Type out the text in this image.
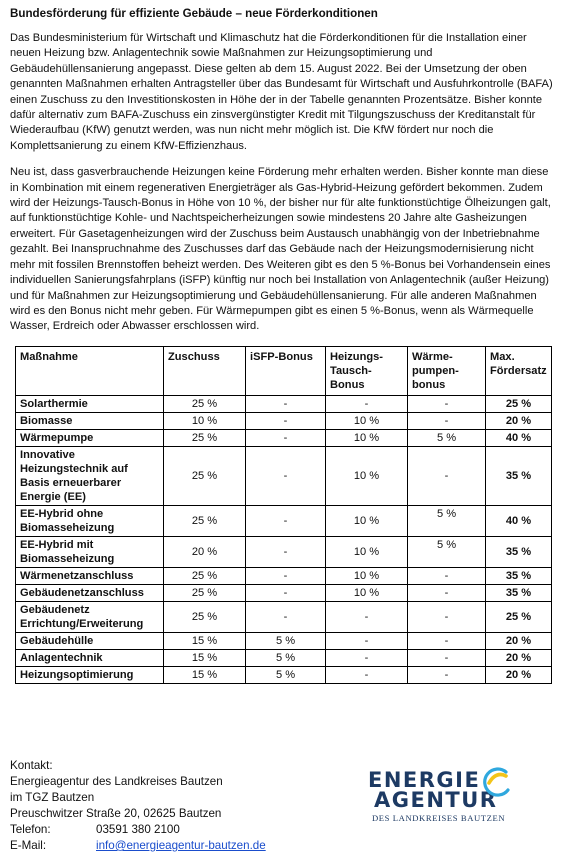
Bundesförderung für effiziente Gebäude – neue Förderkonditionen

Das Bundesministerium für Wirtschaft und Klimaschutz hat die Förderkonditionen für die Installation einer neuen Heizung bzw. Anlagentechnik sowie Maßnahmen zur Heizungsoptimierung und Gebäudehüllensanierung angepasst. Diese gelten ab dem 15. August 2022. Bei der Umsetzung der oben genannten Maßnahmen erhalten Antragsteller über das Bundesamt für Wirtschaft und Ausfuhrkontrolle (BAFA) einen Zuschuss zu den Investitionskosten in Höhe der in der Tabelle genannten Prozentsätze. Bisher konnte dafür alternativ zum BAFA-Zuschuss ein zinsvergünstigter Kredit mit Tilgungszuschuss der Kreditanstalt für Wiederaufbau (KfW) genutzt werden, was nun nicht mehr möglich ist. Die KfW fördert nur noch die Komplettsanierung zu einem KfW-Effizienzhaus.

Neu ist, dass gasverbrauchende Heizungen keine Förderung mehr erhalten werden. Bisher konnte man diese in Kombination mit einem regenerativen Energieträger als Gas-Hybrid-Heizung gefördert bekommen. Zudem wird der Heizungs-Tausch-Bonus in Höhe von 10 %, der bisher nur für alte funktionstüchtige Ölheizungen galt, auf funktionstüchtige Kohle- und Nachtspeicherheizungen sowie mindestens 20 Jahre alte Gasheizungen erweitert. Für Gasetagenheizungen wird der Zuschuss beim Austausch unabhängig von der Inbetriebnahme gezahlt. Bei Inanspruchnahme des Zuschusses darf das Gebäude nach der Heizungsmodernisierung nicht mehr mit fossilen Brennstoffen beheizt werden. Des Weiteren gibt es den 5 %-Bonus bei Vorhandensein eines individuellen Sanierungsfahrplans (iSFP) künftig nur noch bei Installation von Anlagentechnik (außer Heizung) und für Maßnahmen zur Heizungsoptimierung und Gebäudehüllensanierung. Für alle anderen Maßnahmen wird es den Bonus nicht mehr geben. Für Wärmepumpen gibt es einen 5 %-Bonus, wenn als Wärmequelle Wasser, Erdreich oder Abwasser erschlossen wird.

Maßnahme	Zuschuss	iSFP-Bonus	Heizungs-Tausch-Bonus	Wärme-pumpen-bonus	Max. Fördersatz
Solarthermie	25 %	-	-	-	25 %
Biomasse	10 %	-	10 %	-	20 %
Wärmepumpe	25 %	-	10 %	5 %	40 %
Innovative Heizungstechnik auf Basis erneuerbarer Energie (EE)	25 %	-	10 %	-	35 %
EE-Hybrid ohne Biomasseheizung	25 %	-	10 %	5 %	40 %
EE-Hybrid mit Biomasseheizung	20 %	-	10 %	5 %	35 %
Wärmenetzanschluss	25 %	-	10 %	-	35 %
Gebäudenetzanschluss	25 %	-	10 %	-	35 %
Gebäudenetz Errichtung/Erweiterung	25 %	-	-	-	25 %
Gebäudehülle	15 %	5 %	-	-	20 %
Anlagentechnik	15 %	5 %	-	-	20 %
Heizungsoptimierung	15 %	5 %	-	-	20 %
Kontakt:
Energieagentur des Landkreises Bautzen
im TGZ Bautzen
Preuschwitzer Straße 20, 02625 Bautzen
Telefon:	03591 380 2100
E-Mail:	info@energieagentur-bautzen.de
ENERGIE
AGENTUR
DES LANDKREISES BAUTZEN
